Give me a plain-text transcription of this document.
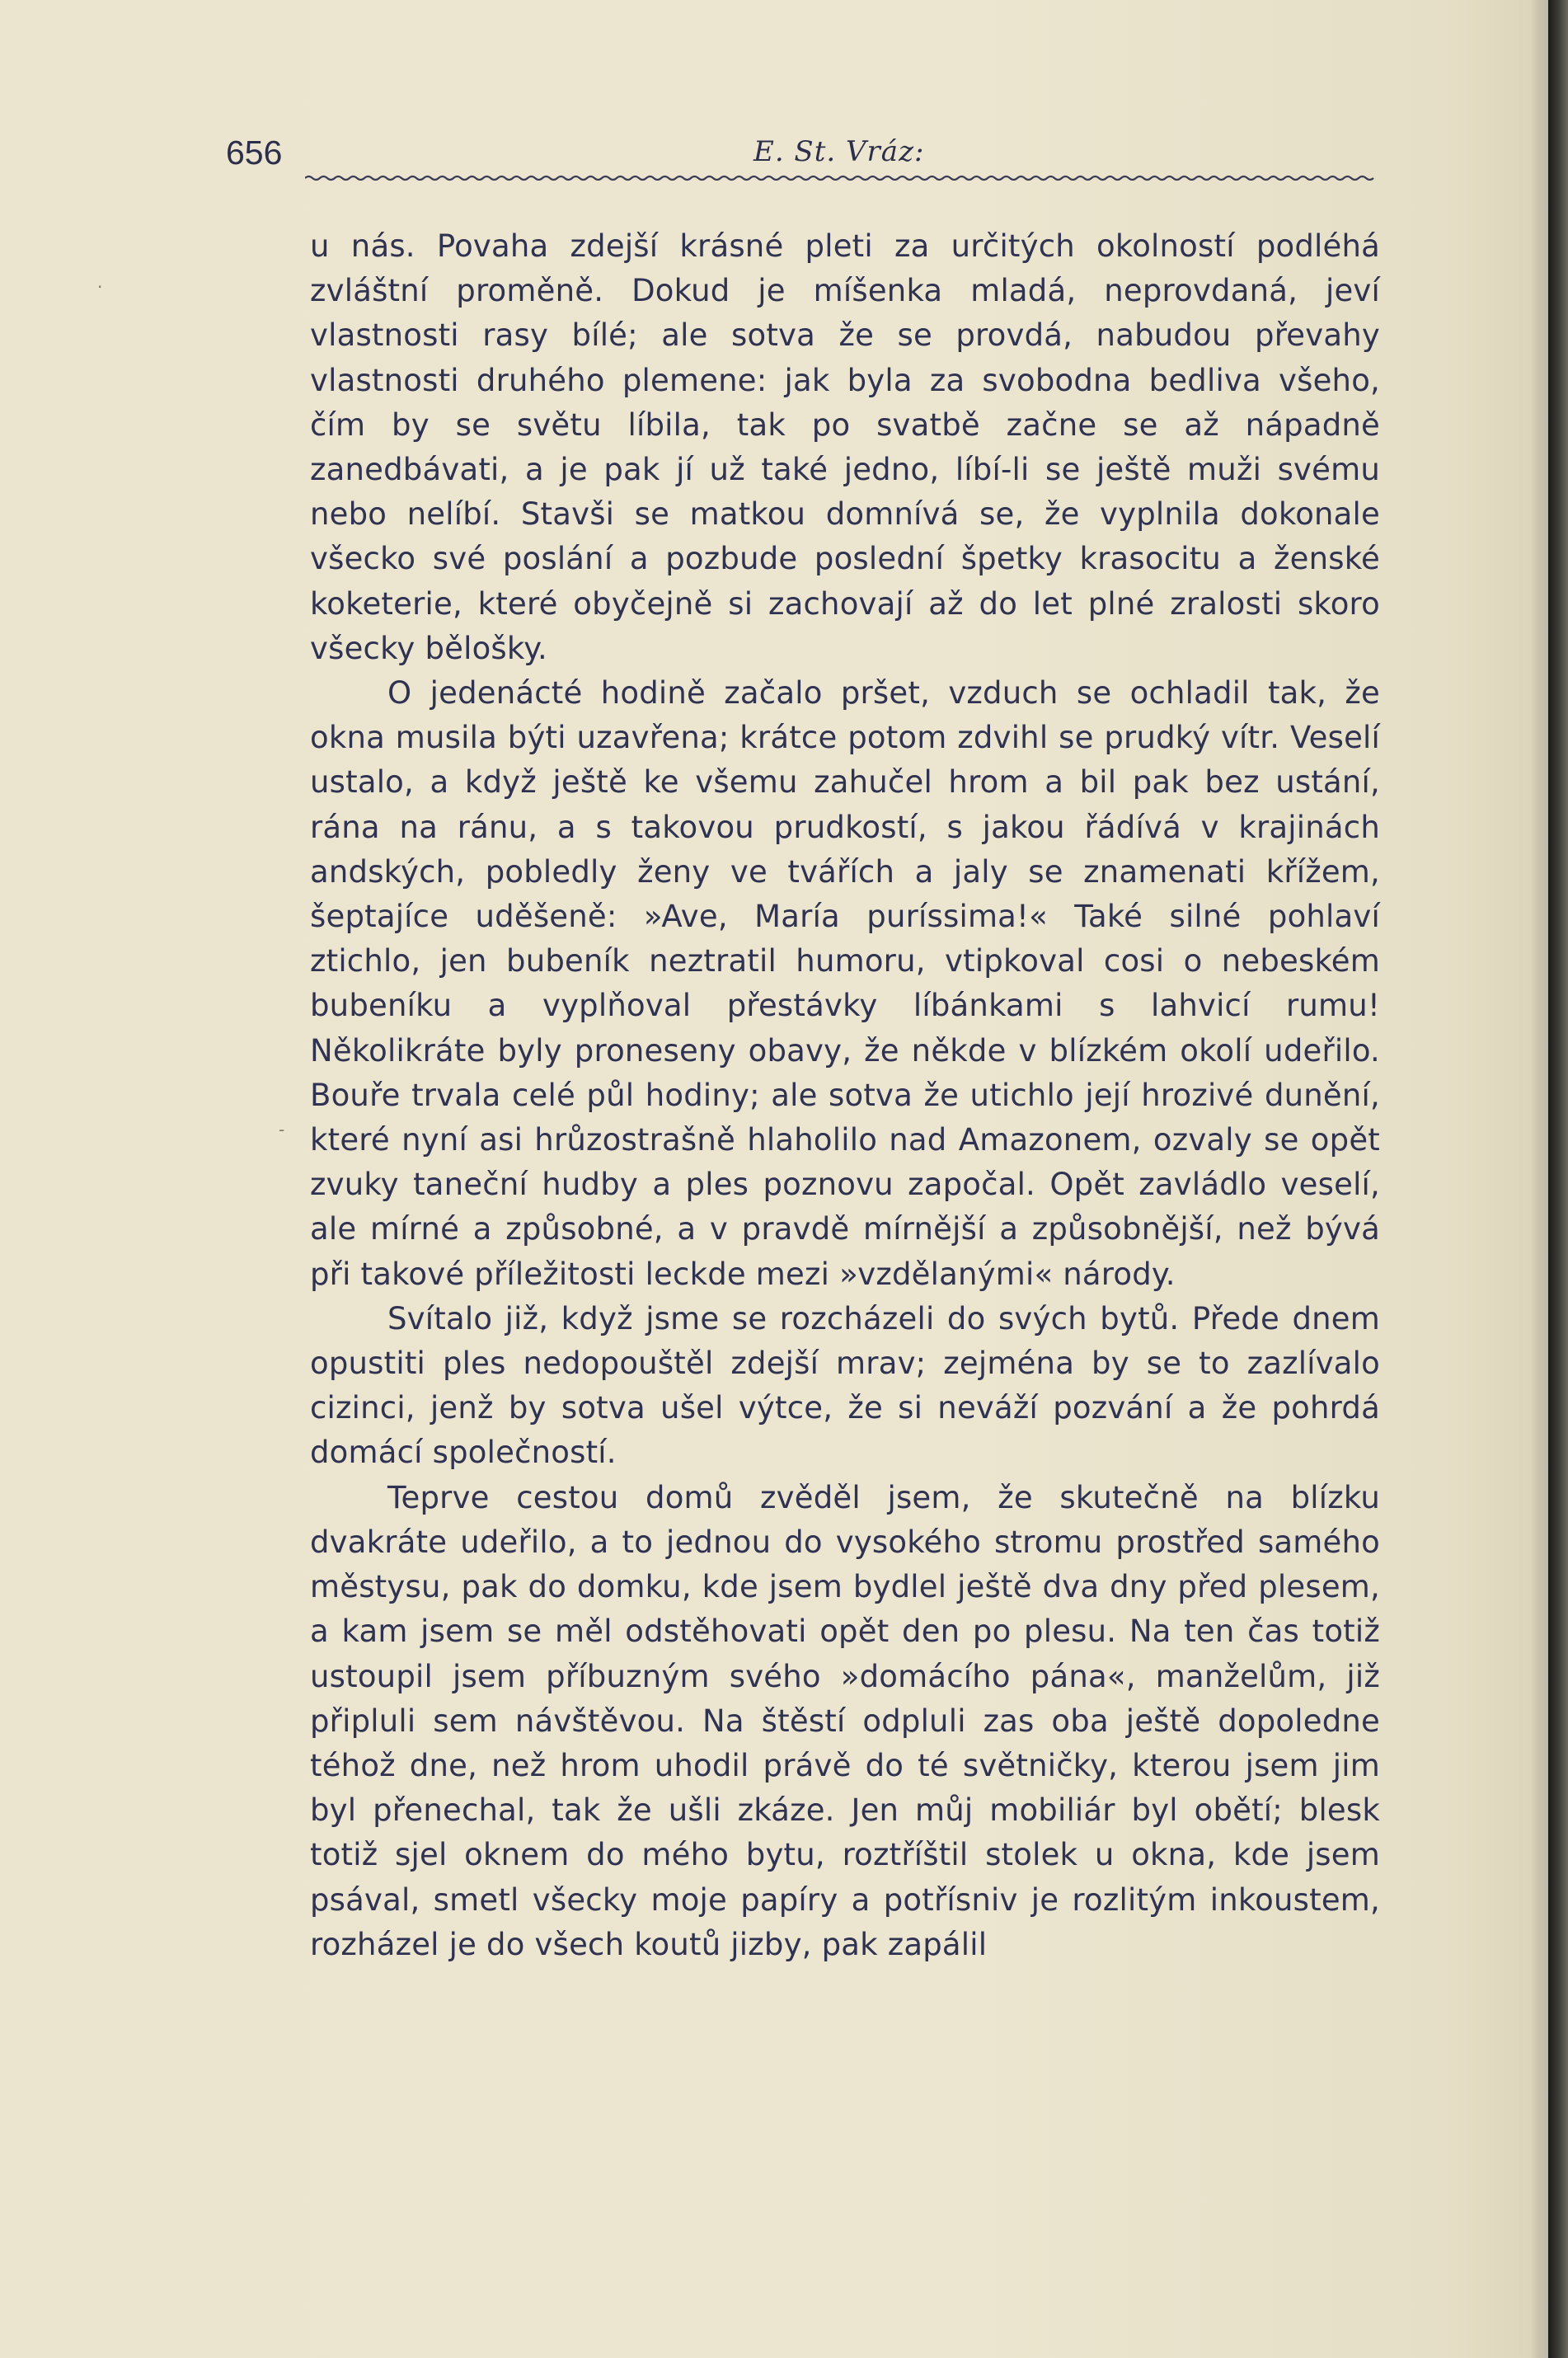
·
-
656	E. St. Vráz:

u nás. Povaha zdejší krásné pleti za určitých okolností podléhá zvláštní proměně. Dokud je míšenka mladá, neprovdaná, jeví vlastnosti rasy bílé; ale sotva že se provdá, nabudou převahy vlastnosti druhého plemene: jak byla za svobodna bedliva všeho, čím by se světu líbila, tak po svatbě začne se až nápadně zanedbávati, a je pak jí už také jedno, líbí-li se ještě muži svému nebo nelíbí. Stavši se matkou domnívá se, že vyplnila dokonale všecko své poslání a pozbude poslední špetky krasocitu a ženské koketerie, které obyčejně si zachovají až do let plné zralosti skoro všecky bělošky.

O jedenácté hodině začalo pršet, vzduch se ochladil tak, že okna musila býti uzavřena; krátce potom zdvihl se prudký vítr. Veselí ustalo, a když ještě ke všemu zahučel hrom a bil pak bez ustání, rána na ránu, a s takovou prudkostí, s jakou řádívá v krajinách andských, pobledly ženy ve tvářích a jaly se znamenati křížem, šeptajíce uděšeně: »Ave, María puríssima!« Také silné pohlaví ztichlo, jen bubeník neztratil humoru, vtipkoval cosi o nebeském bubeníku a vyplňoval přestávky líbánkami s lahvicí rumu! Několikráte byly proneseny obavy, že někde v blízkém okolí udeřilo. Bouře trvala celé půl hodiny; ale sotva že utichlo její hrozivé dunění, které nyní asi hrůzostrašně hlaholilo nad Amazonem, ozvaly se opět zvuky taneční hudby a ples poznovu započal. Opět zavládlo veselí, ale mírné a způsobné, a v pravdě mírnější a způsobnější, než bývá při takové příležitosti leckde mezi »vzdělanými« národy.

Svítalo již, když jsme se rozcházeli do svých bytů. Přede dnem opustiti ples nedopouštěl zdejší mrav; zejména by se to zazlívalo cizinci, jenž by sotva ušel výtce, že si neváží pozvání a že pohrdá domácí společností.

Teprve cestou domů zvěděl jsem, že skutečně na blízku dvakráte udeřilo, a to jednou do vysokého stromu prostřed samého městysu, pak do domku, kde jsem bydlel ještě dva dny před plesem, a kam jsem se měl odstěhovati opět den po plesu. Na ten čas totiž ustoupil jsem příbuzným svého »domácího pána«, manželům, již připluli sem návštěvou. Na štěstí odpluli zas oba ještě dopoledne téhož dne, než hrom uhodil právě do té světničky, kterou jsem jim byl přenechal, tak že ušli zkáze. Jen můj mobiliár byl obětí; blesk totiž sjel oknem do mého bytu, roztříštil stolek u okna, kde jsem psával, smetl všecky moje papíry a potřísniv je rozlitým inkoustem, rozházel je do všech koutů jizby, pak zapálil
